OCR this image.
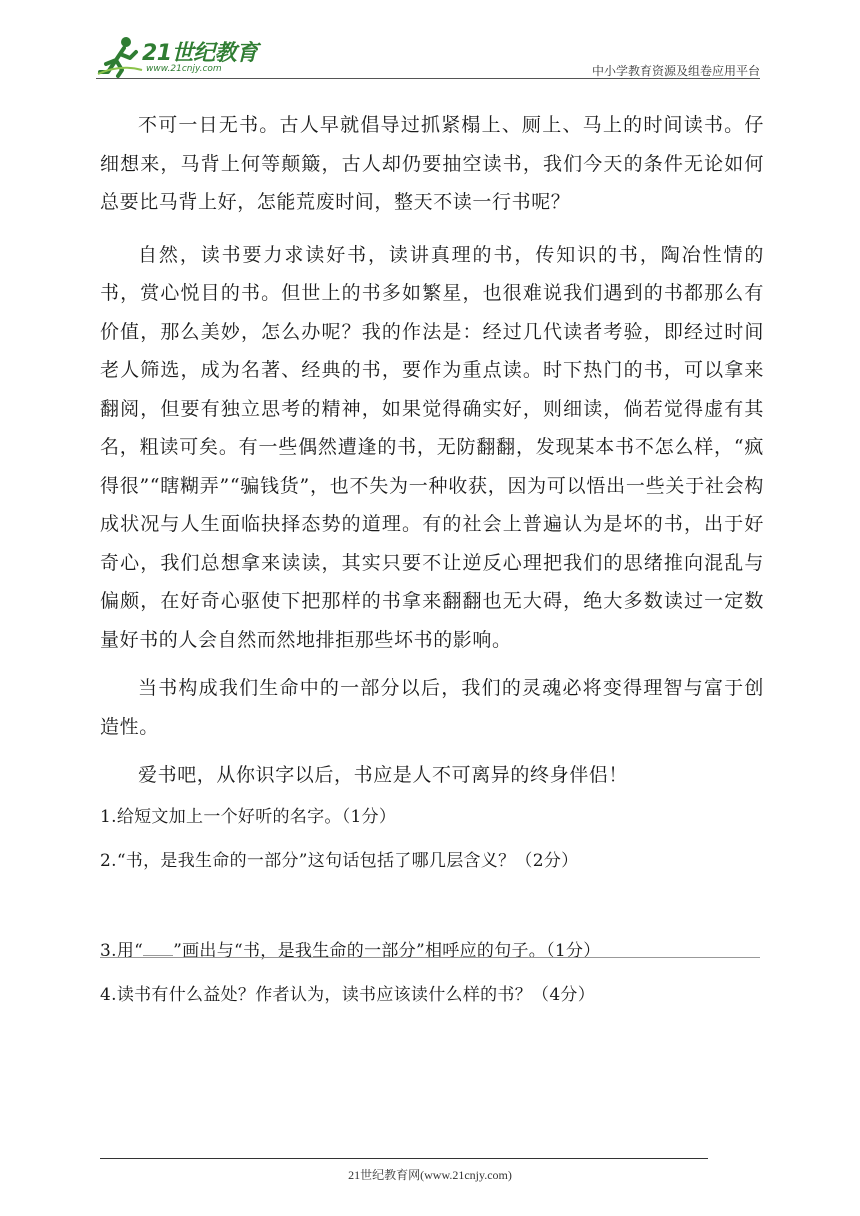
21世纪教育
www.21cnjy.com	中小学教育资源及组卷应用平台

不可一日无书。古人早就倡导过抓紧榻上、厕上、马上的时间读书。仔细想来，马背上何等颠簸，古人却仍要抽空读书，我们今天的条件无论如何总要比马背上好，怎能荒废时间，整天不读一行书呢？

自然，读书要力求读好书，读讲真理的书，传知识的书，陶冶性情的书，赏心悦目的书。但世上的书多如繁星，也很难说我们遇到的书都那么有价值，那么美妙，怎么办呢？我的作法是：经过几代读者考验，即经过时间老人筛选，成为名著、经典的书，要作为重点读。时下热门的书，可以拿来翻阅，但要有独立思考的精神，如果觉得确实好，则细读，倘若觉得虚有其名，粗读可矣。有一些偶然遭逢的书，无防翻翻，发现某本书不怎么样，“疯得很”“瞎糊弄”“骗钱货”，也不失为一种收获，因为可以悟出一些关于社会构成状况与人生面临抉择态势的道理。有的社会上普遍认为是坏的书，出于好奇心，我们总想拿来读读，其实只要不让逆反心理把我们的思绪推向混乱与偏颇，在好奇心驱使下把那样的书拿来翻翻也无大碍，绝大多数读过一定数量好书的人会自然而然地排拒那些坏书的影响。

当书构成我们生命中的一部分以后，我们的灵魂必将变得理智与富于创造性。

爱书吧，从你识字以后，书应是人不可离异的终身伴侣！

1.给短文加上一个好听的名字。（1分）

2.“书，是我生命的一部分”这句话包括了哪几层含义？（2分）

3.用“ ”画出与“书，是我生命的一部分”相呼应的句子。（1分）

4.读书有什么益处？作者认为，读书应该读什么样的书？（4分）

21世纪教育网(www.21cnjy.com)
